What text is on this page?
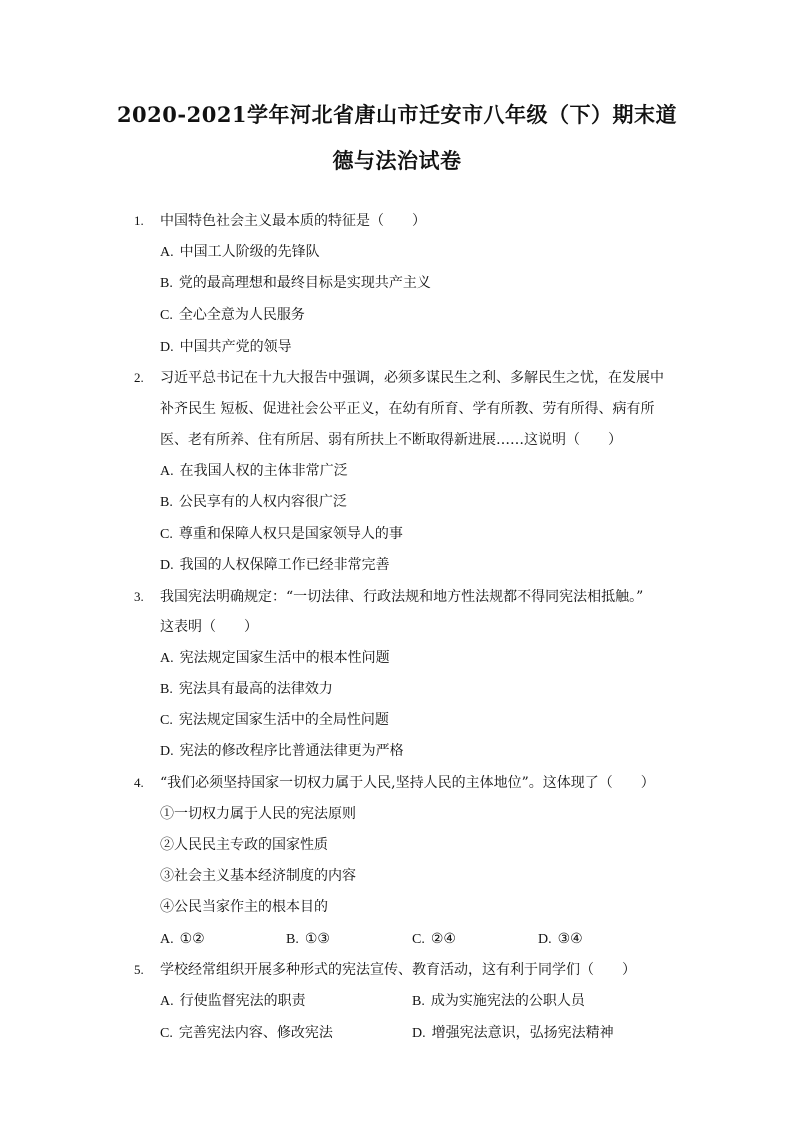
2020-2021学年河北省唐山市迁安市八年级（下）期末道
德与法治试卷
1. 中国特色社会主义最本质的特征是（　　）
A. 中国工人阶级的先锋队
B. 党的最高理想和最终目标是实现共产主义
C. 全心全意为人民服务
D. 中国共产党的领导
2. 习近平总书记在十九大报告中强调，必须多谋民生之利、多解民生之忧，在发展中
补齐民生 短板、促进社会公平正义，在幼有所育、学有所教、劳有所得、病有所
医、老有所养、住有所居、弱有所扶上不断取得新进展……这说明（　　）
A. 在我国人权的主体非常广泛
B. 公民享有的人权内容很广泛
C. 尊重和保障人权只是国家领导人的事
D. 我国的人权保障工作已经非常完善
3. 我国宪法明确规定：“一切法律、行政法规和地方性法规都不得同宪法相抵触。”
这表明（　　）
A. 宪法规定国家生活中的根本性问题
B. 宪法具有最高的法律效力
C. 宪法规定国家生活中的全局性问题
D. 宪法的修改程序比普通法律更为严格
4. “我们必须坚持国家一切权力属于人民,坚持人民的主体地位”。这体现了（　　）
①一切权力属于人民的宪法原则
②人民民主专政的国家性质
③社会主义基本经济制度的内容
④公民当家作主的根本目的
A. ①②	B. ①③	C. ②④	D. ③④
5. 学校经常组织开展多种形式的宪法宣传、教育活动，这有利于同学们（　　）
A. 行使监督宪法的职责	B. 成为实施宪法的公职人员
C. 完善宪法内容、修改宪法	D. 增强宪法意识，弘扬宪法精神
